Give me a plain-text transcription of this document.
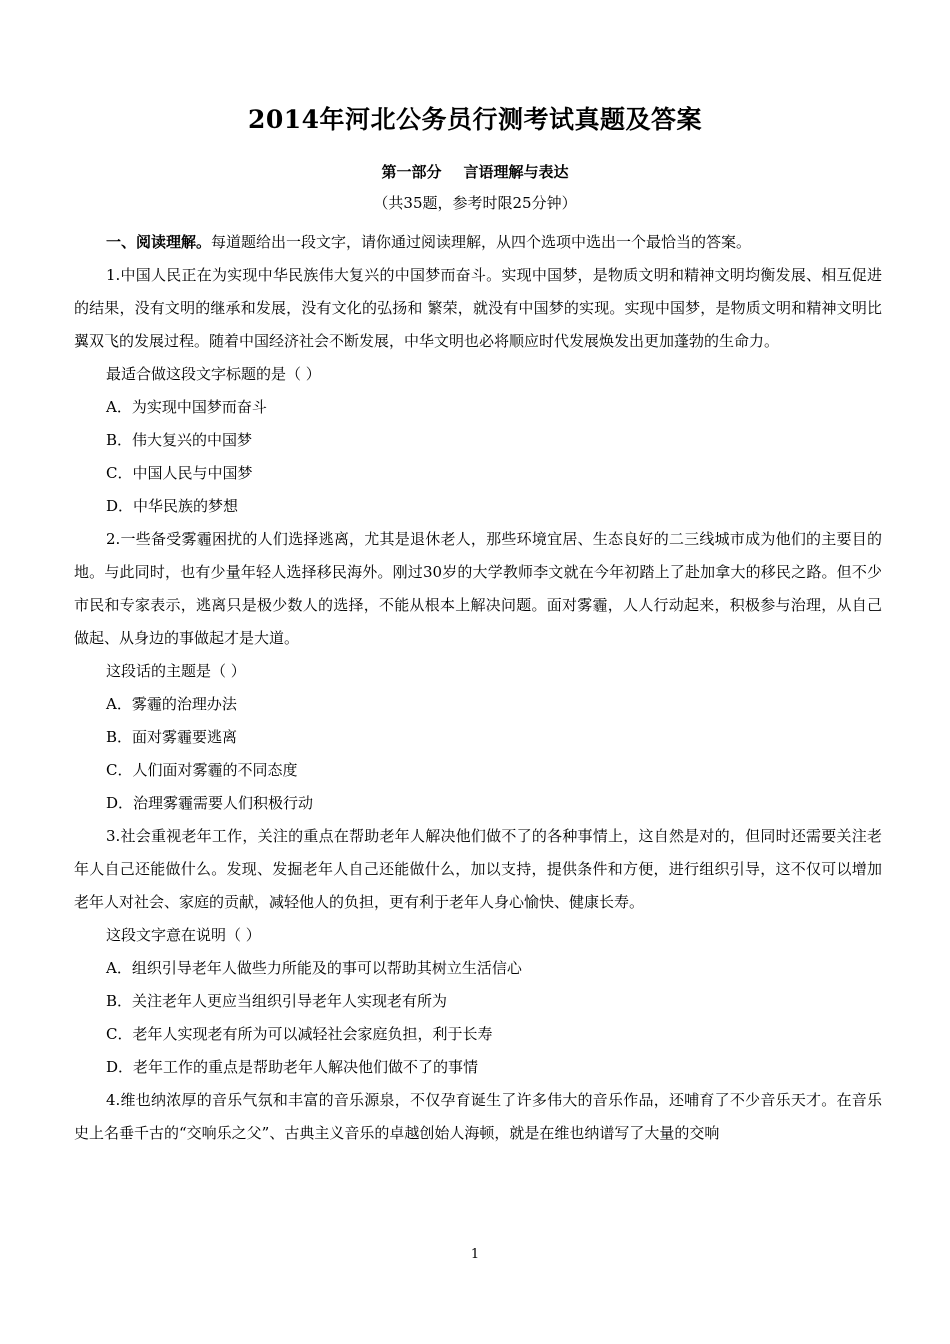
2014年河北公务员行测考试真题及答案
第一部分 言语理解与表达
（共35题，参考时限25分钟）

一、阅读理解。每道题给出一段文字，请你通过阅读理解，从四个选项中选出一个最恰当的答案。

1.中国人民正在为实现中华民族伟大复兴的中国梦而奋斗。实现中国梦，是物质文明和精神文明均衡发展、相互促进的结果，没有文明的继承和发展，没有文化的弘扬和 繁荣，就没有中国梦的实现。实现中国梦，是物质文明和精神文明比翼双飞的发展过程。随着中国经济社会不断发展，中华文明也必将顺应时代发展焕发出更加蓬勃的生命力。

最适合做这段文字标题的是（ ）

A．为实现中国梦而奋斗
B．伟大复兴的中国梦
C．中国人民与中国梦
D．中华民族的梦想

2.一些备受雾霾困扰的人们选择逃离，尤其是退休老人，那些环境宜居、生态良好的二三线城市成为他们的主要目的地。与此同时，也有少量年轻人选择移民海外。刚过30岁的大学教师李文就在今年初踏上了赴加拿大的移民之路。但不少市民和专家表示，逃离只是极少数人的选择，不能从根本上解决问题。面对雾霾，人人行动起来，积极参与治理，从自己做起、从身边的事做起才是大道。

这段话的主题是（ ）

A．雾霾的治理办法
B．面对雾霾要逃离
C．人们面对雾霾的不同态度
D．治理雾霾需要人们积极行动

3.社会重视老年工作，关注的重点在帮助老年人解决他们做不了的各种事情上，这自然是对的，但同时还需要关注老年人自己还能做什么。发现、发掘老年人自己还能做什么，加以支持，提供条件和方便，进行组织引导，这不仅可以增加老年人对社会、家庭的贡献，减轻他人的负担，更有利于老年人身心愉快、健康长寿。

这段文字意在说明（ ）

A．组织引导老年人做些力所能及的事可以帮助其树立生活信心
B．关注老年人更应当组织引导老年人实现老有所为
C．老年人实现老有所为可以减轻社会家庭负担，利于长寿
D．老年工作的重点是帮助老年人解决他们做不了的事情

4.维也纳浓厚的音乐气氛和丰富的音乐源泉，不仅孕育诞生了许多伟大的音乐作品，还哺育了不少音乐天才。在音乐史上名垂千古的“交响乐之父”、古典主义音乐的卓越创始人海顿，就是在维也纳谱写了大量的交响

1
